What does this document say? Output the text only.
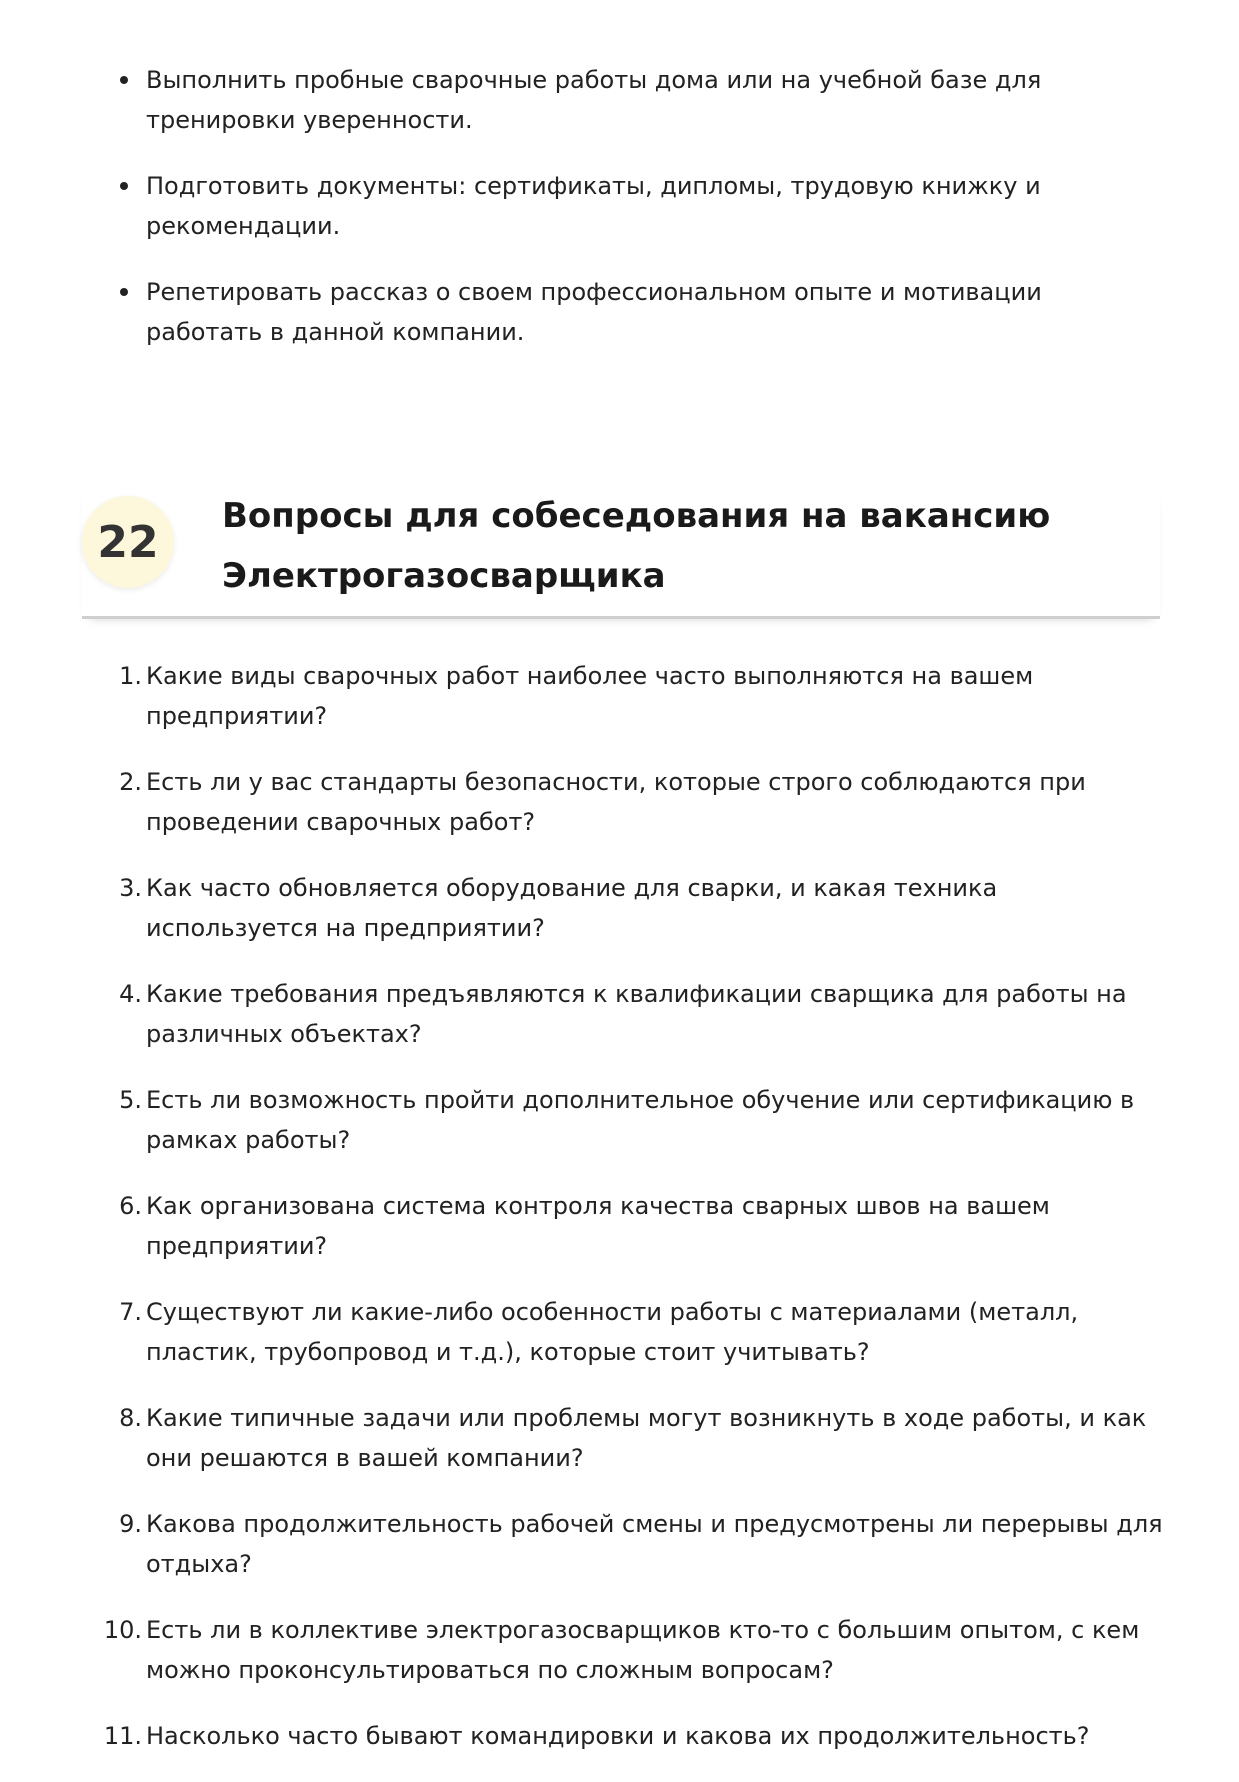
Выполнить пробные сварочные работы дома или на учебной базе для тренировки уверенности.
Подготовить документы: сертификаты, дипломы, трудовую книжку и рекомендации.
Репетировать рассказ о своем профессиональном опыте и мотивации работать в данной компании.
22
Вопросы для собеседования на вакансию Электрогазосварщика
1. Какие виды сварочных работ наиболее часто выполняются на вашем предприятии?
2. Есть ли у вас стандарты безопасности, которые строго соблюдаются при проведении сварочных работ?
3. Как часто обновляется оборудование для сварки, и какая техника используется на предприятии?
4. Какие требования предъявляются к квалификации сварщика для работы на различных объектах?
5. Есть ли возможность пройти дополнительное обучение или сертификацию в рамках работы?
6. Как организована система контроля качества сварных швов на вашем предприятии?
7. Существуют ли какие-либо особенности работы с материалами (металл, пластик, трубопровод и т.д.), которые стоит учитывать?
8. Какие типичные задачи или проблемы могут возникнуть в ходе работы, и как они решаются в вашей компании?
9. Какова продолжительность рабочей смены и предусмотрены ли перерывы для отдыха?
10. Есть ли в коллективе электрогазосварщиков кто-то с большим опытом, с кем можно проконсультироваться по сложным вопросам?
11. Насколько часто бывают командировки и какова их продолжительность?
